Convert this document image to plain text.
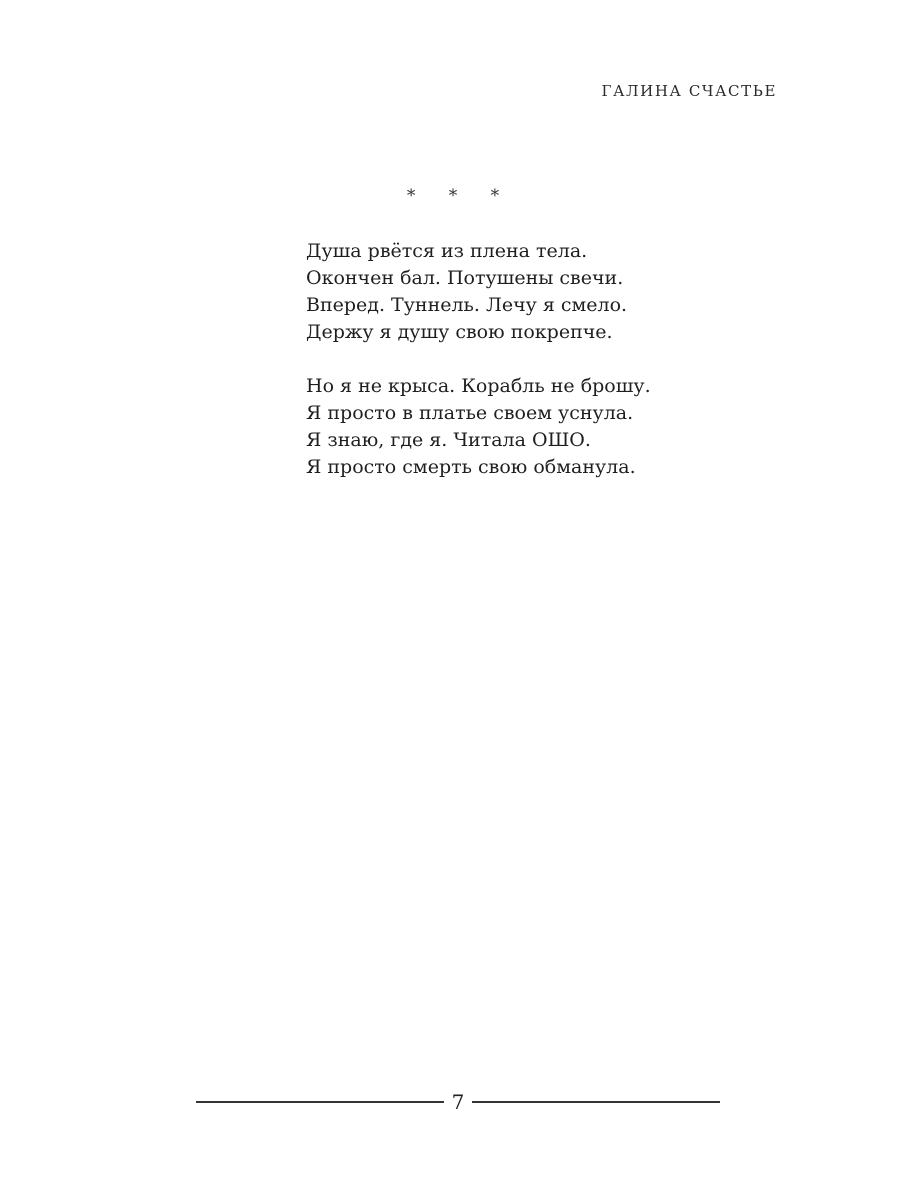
ГАЛИНА СЧАСТЬЕ
* * *
Душа рвётся из плена тела.
Окончен бал. Потушены свечи.
Вперед. Туннель. Лечу я смело.
Держу я душу свою покрепче.
Но я не крыса. Корабль не брошу.
Я просто в платье своем уснула.
Я знаю, где я. Читала ОШО.
Я просто смерть свою обманула.
7
